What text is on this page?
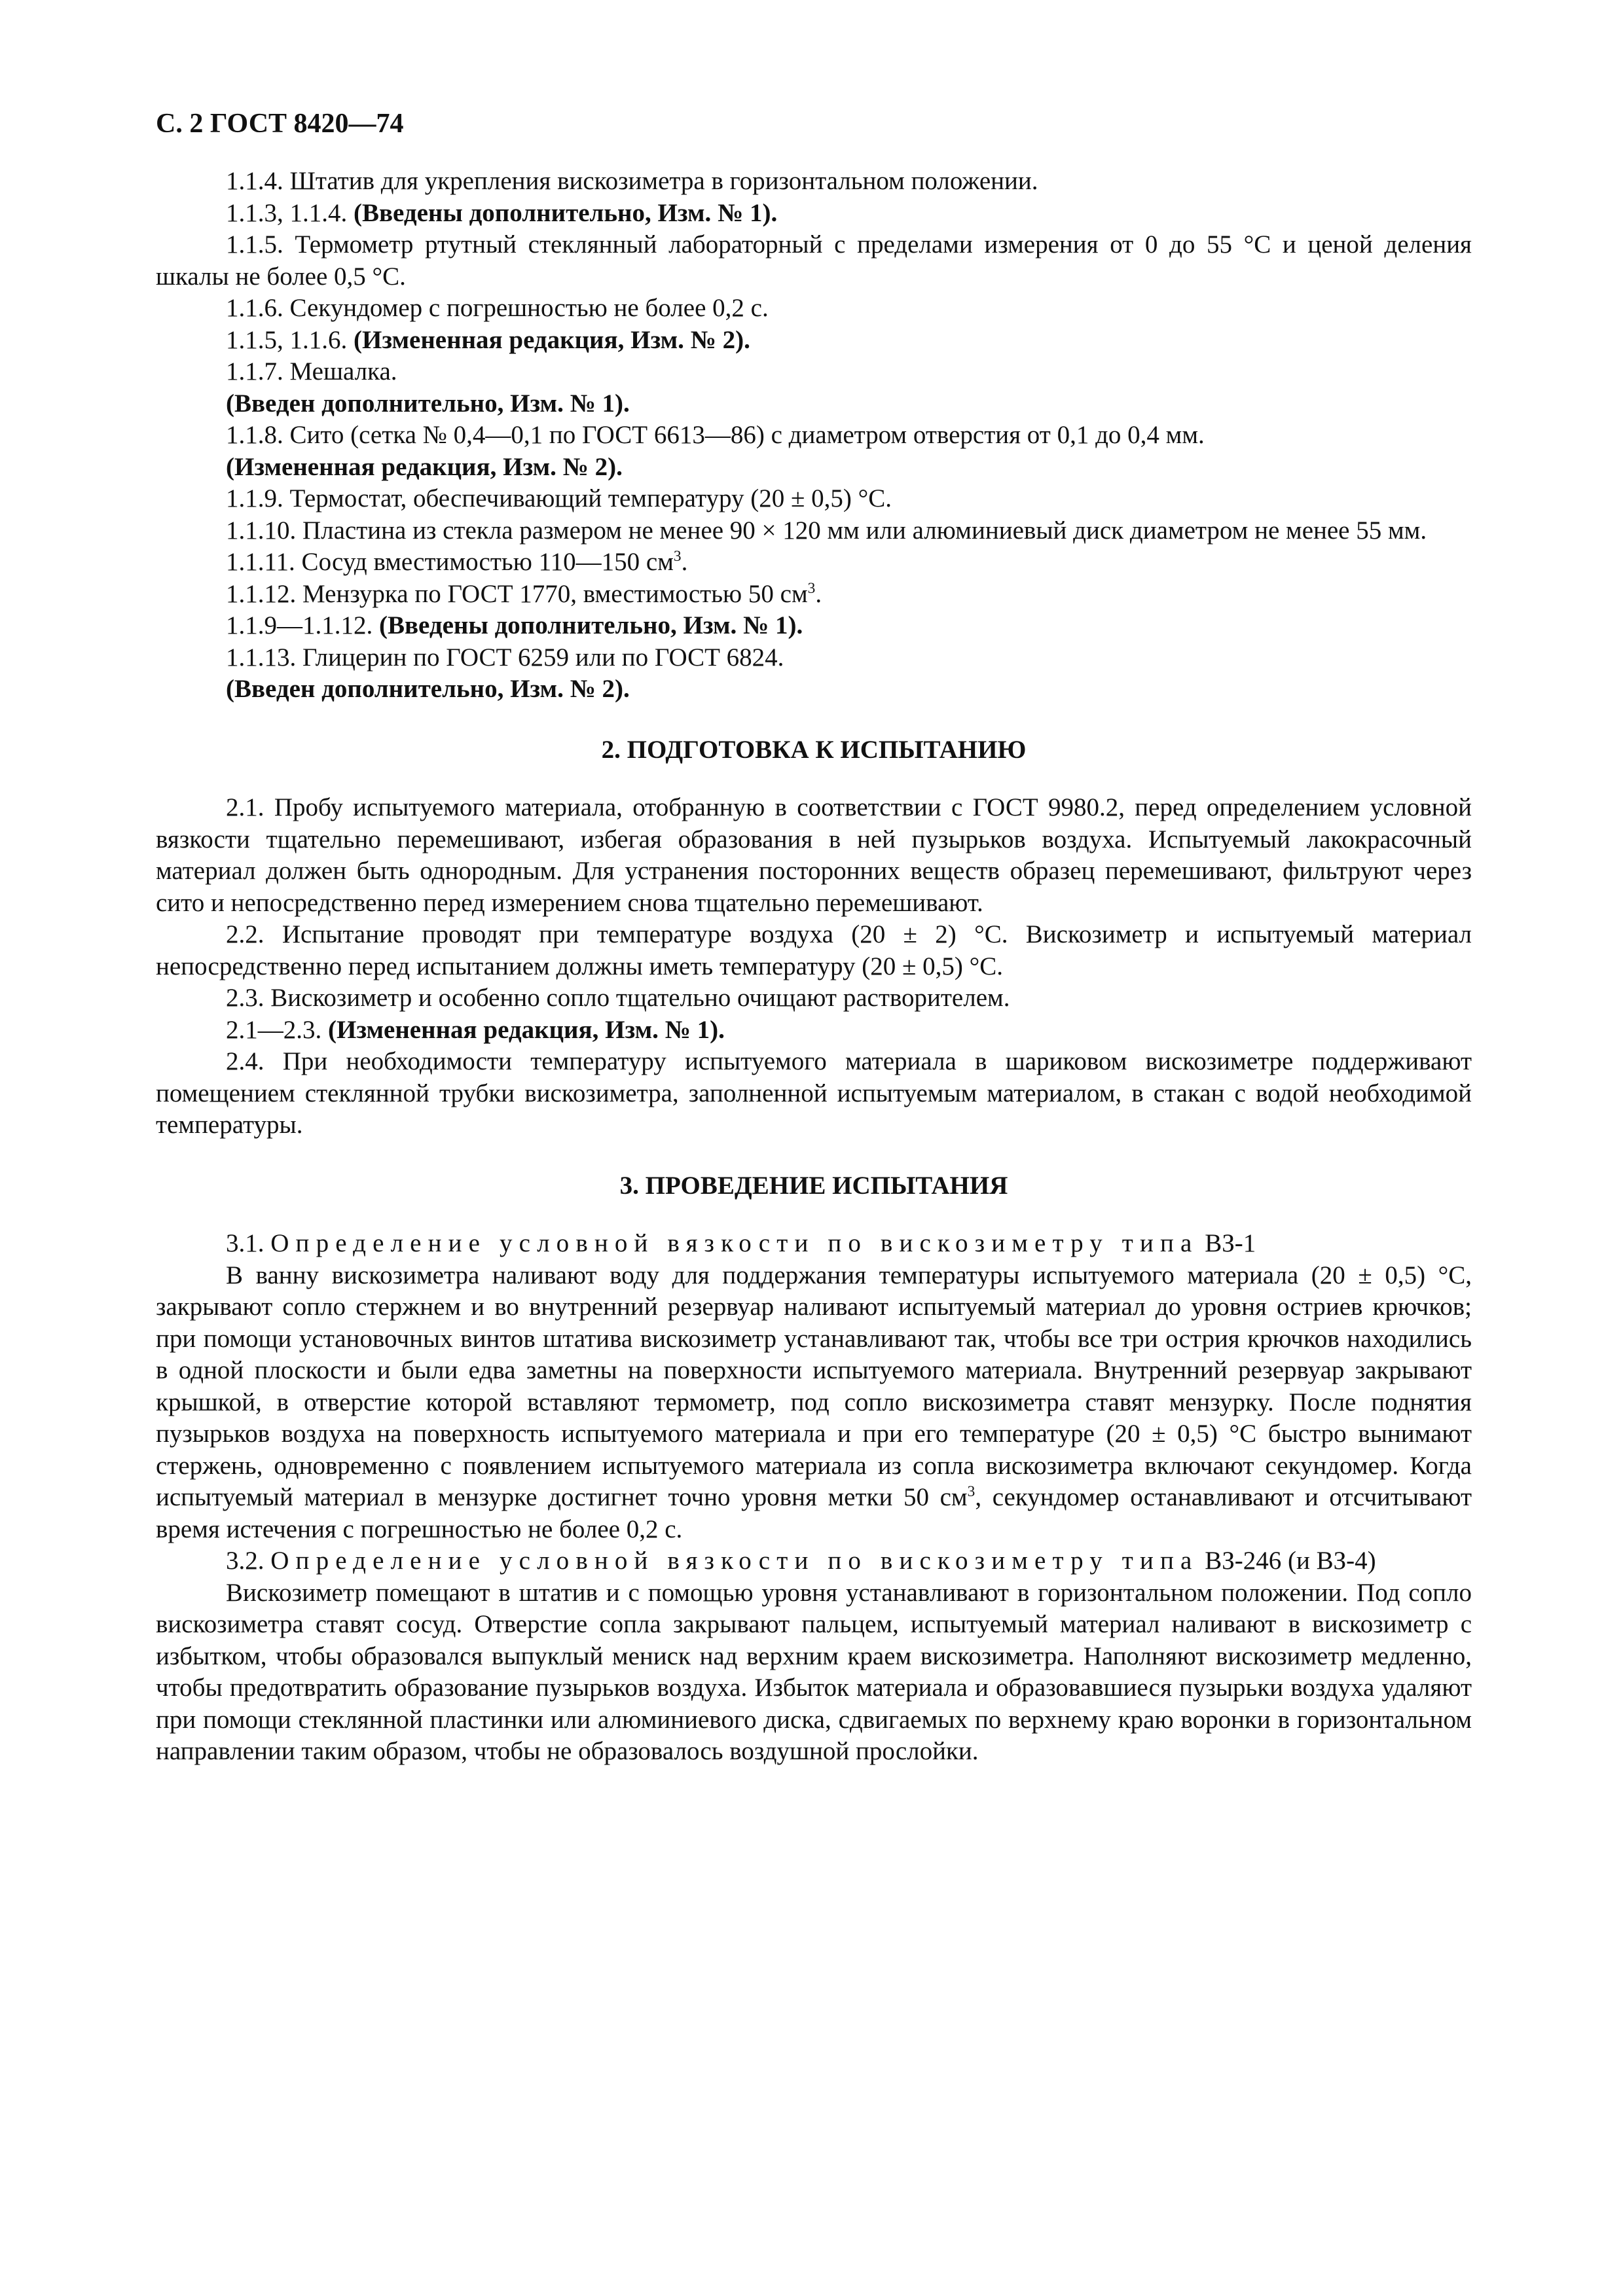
С. 2 ГОСТ 8420—74

1.1.4. Штатив для укрепления вискозиметра в горизонтальном положении.

1.1.3, 1.1.4. (Введены дополнительно, Изм. № 1).

1.1.5. Термометр ртутный стеклянный лабораторный с пределами измерения от 0 до 55 °С и ценой деления шкалы не более 0,5 °С.

1.1.6. Секундомер с погрешностью не более 0,2 с.

1.1.5, 1.1.6. (Измененная редакция, Изм. № 2).

1.1.7. Мешалка.

(Введен дополнительно, Изм. № 1).

1.1.8. Сито (сетка № 0,4—0,1 по ГОСТ 6613—86) с диаметром отверстия от 0,1 до 0,4 мм.

(Измененная редакция, Изм. № 2).

1.1.9. Термостат, обеспечивающий температуру (20 ± 0,5) °С.

1.1.10. Пластина из стекла размером не менее 90 × 120 мм или алюминиевый диск диаметром не менее 55 мм.

1.1.11. Сосуд вместимостью 110—150 $см^3$.

1.1.12. Мензурка по ГОСТ 1770, вместимостью 50 $см^3$.

1.1.9—1.1.12. (Введены дополнительно, Изм. № 1).

1.1.13. Глицерин по ГОСТ 6259 или по ГОСТ 6824.

(Введен дополнительно, Изм. № 2).

2. ПОДГОТОВКА К ИСПЫТАНИЮ

2.1. Пробу испытуемого материала, отобранную в соответствии с ГОСТ 9980.2, перед определением условной вязкости тщательно перемешивают, избегая образования в ней пузырьков воздуха. Испытуемый лакокрасочный материал должен быть однородным. Для устранения посторонних веществ образец перемешивают, фильтруют через сито и непосредственно перед измерением снова тщательно перемешивают.

2.2. Испытание проводят при температуре воздуха (20 ± 2) °С. Вискозиметр и испытуемый материал непосредственно перед испытанием должны иметь температуру (20 ± 0,5) °С.

2.3. Вискозиметр и особенно сопло тщательно очищают растворителем.

2.1—2.3. (Измененная редакция, Изм. № 1).

2.4. При необходимости температуру испытуемого материала в шариковом вискозиметре поддерживают помещением стеклянной трубки вискозиметра, заполненной испытуемым материалом, в стакан с водой необходимой температуры.

3. ПРОВЕДЕНИЕ ИСПЫТАНИЯ

3.1. Определение условной вязкости по вискозиметру типа ВЗ-1

В ванну вискозиметра наливают воду для поддержания температуры испытуемого материала (20 ± 0,5) °С, закрывают сопло стержнем и во внутренний резервуар наливают испытуемый материал до уровня остриев крючков; при помощи установочных винтов штатива вискозиметр устанавливают так, чтобы все три острия крючков находились в одной плоскости и были едва заметны на поверхности испытуемого материала. Внутренний резервуар закрывают крышкой, в отверстие которой вставляют термометр, под сопло вискозиметра ставят мензурку. После поднятия пузырьков воздуха на поверхность испытуемого материала и при его температуре (20 ± 0,5) °С быстро вынимают стержень, одновременно с появлением испытуемого материала из сопла вискозиметра включают секундомер. Когда испытуемый материал в мензурке достигнет точно уровня метки 50 $см^3$, секундомер останавливают и отсчитывают время истечения с погрешностью не более 0,2 с.

3.2. Определение условной вязкости по вискозиметру типа ВЗ-246 (и ВЗ-4)

Вискозиметр помещают в штатив и с помощью уровня устанавливают в горизонтальном положении. Под сопло вискозиметра ставят сосуд. Отверстие сопла закрывают пальцем, испытуемый материал наливают в вискозиметр с избытком, чтобы образовался выпуклый мениск над верхним краем вискозиметра. Наполняют вискозиметр медленно, чтобы предотвратить образование пузырьков воздуха. Избыток материала и образовавшиеся пузырьки воздуха удаляют при помощи стеклянной пластинки или алюминиевого диска, сдвигаемых по верхнему краю воронки в горизонтальном направлении таким образом, чтобы не образовалось воздушной прослойки.
